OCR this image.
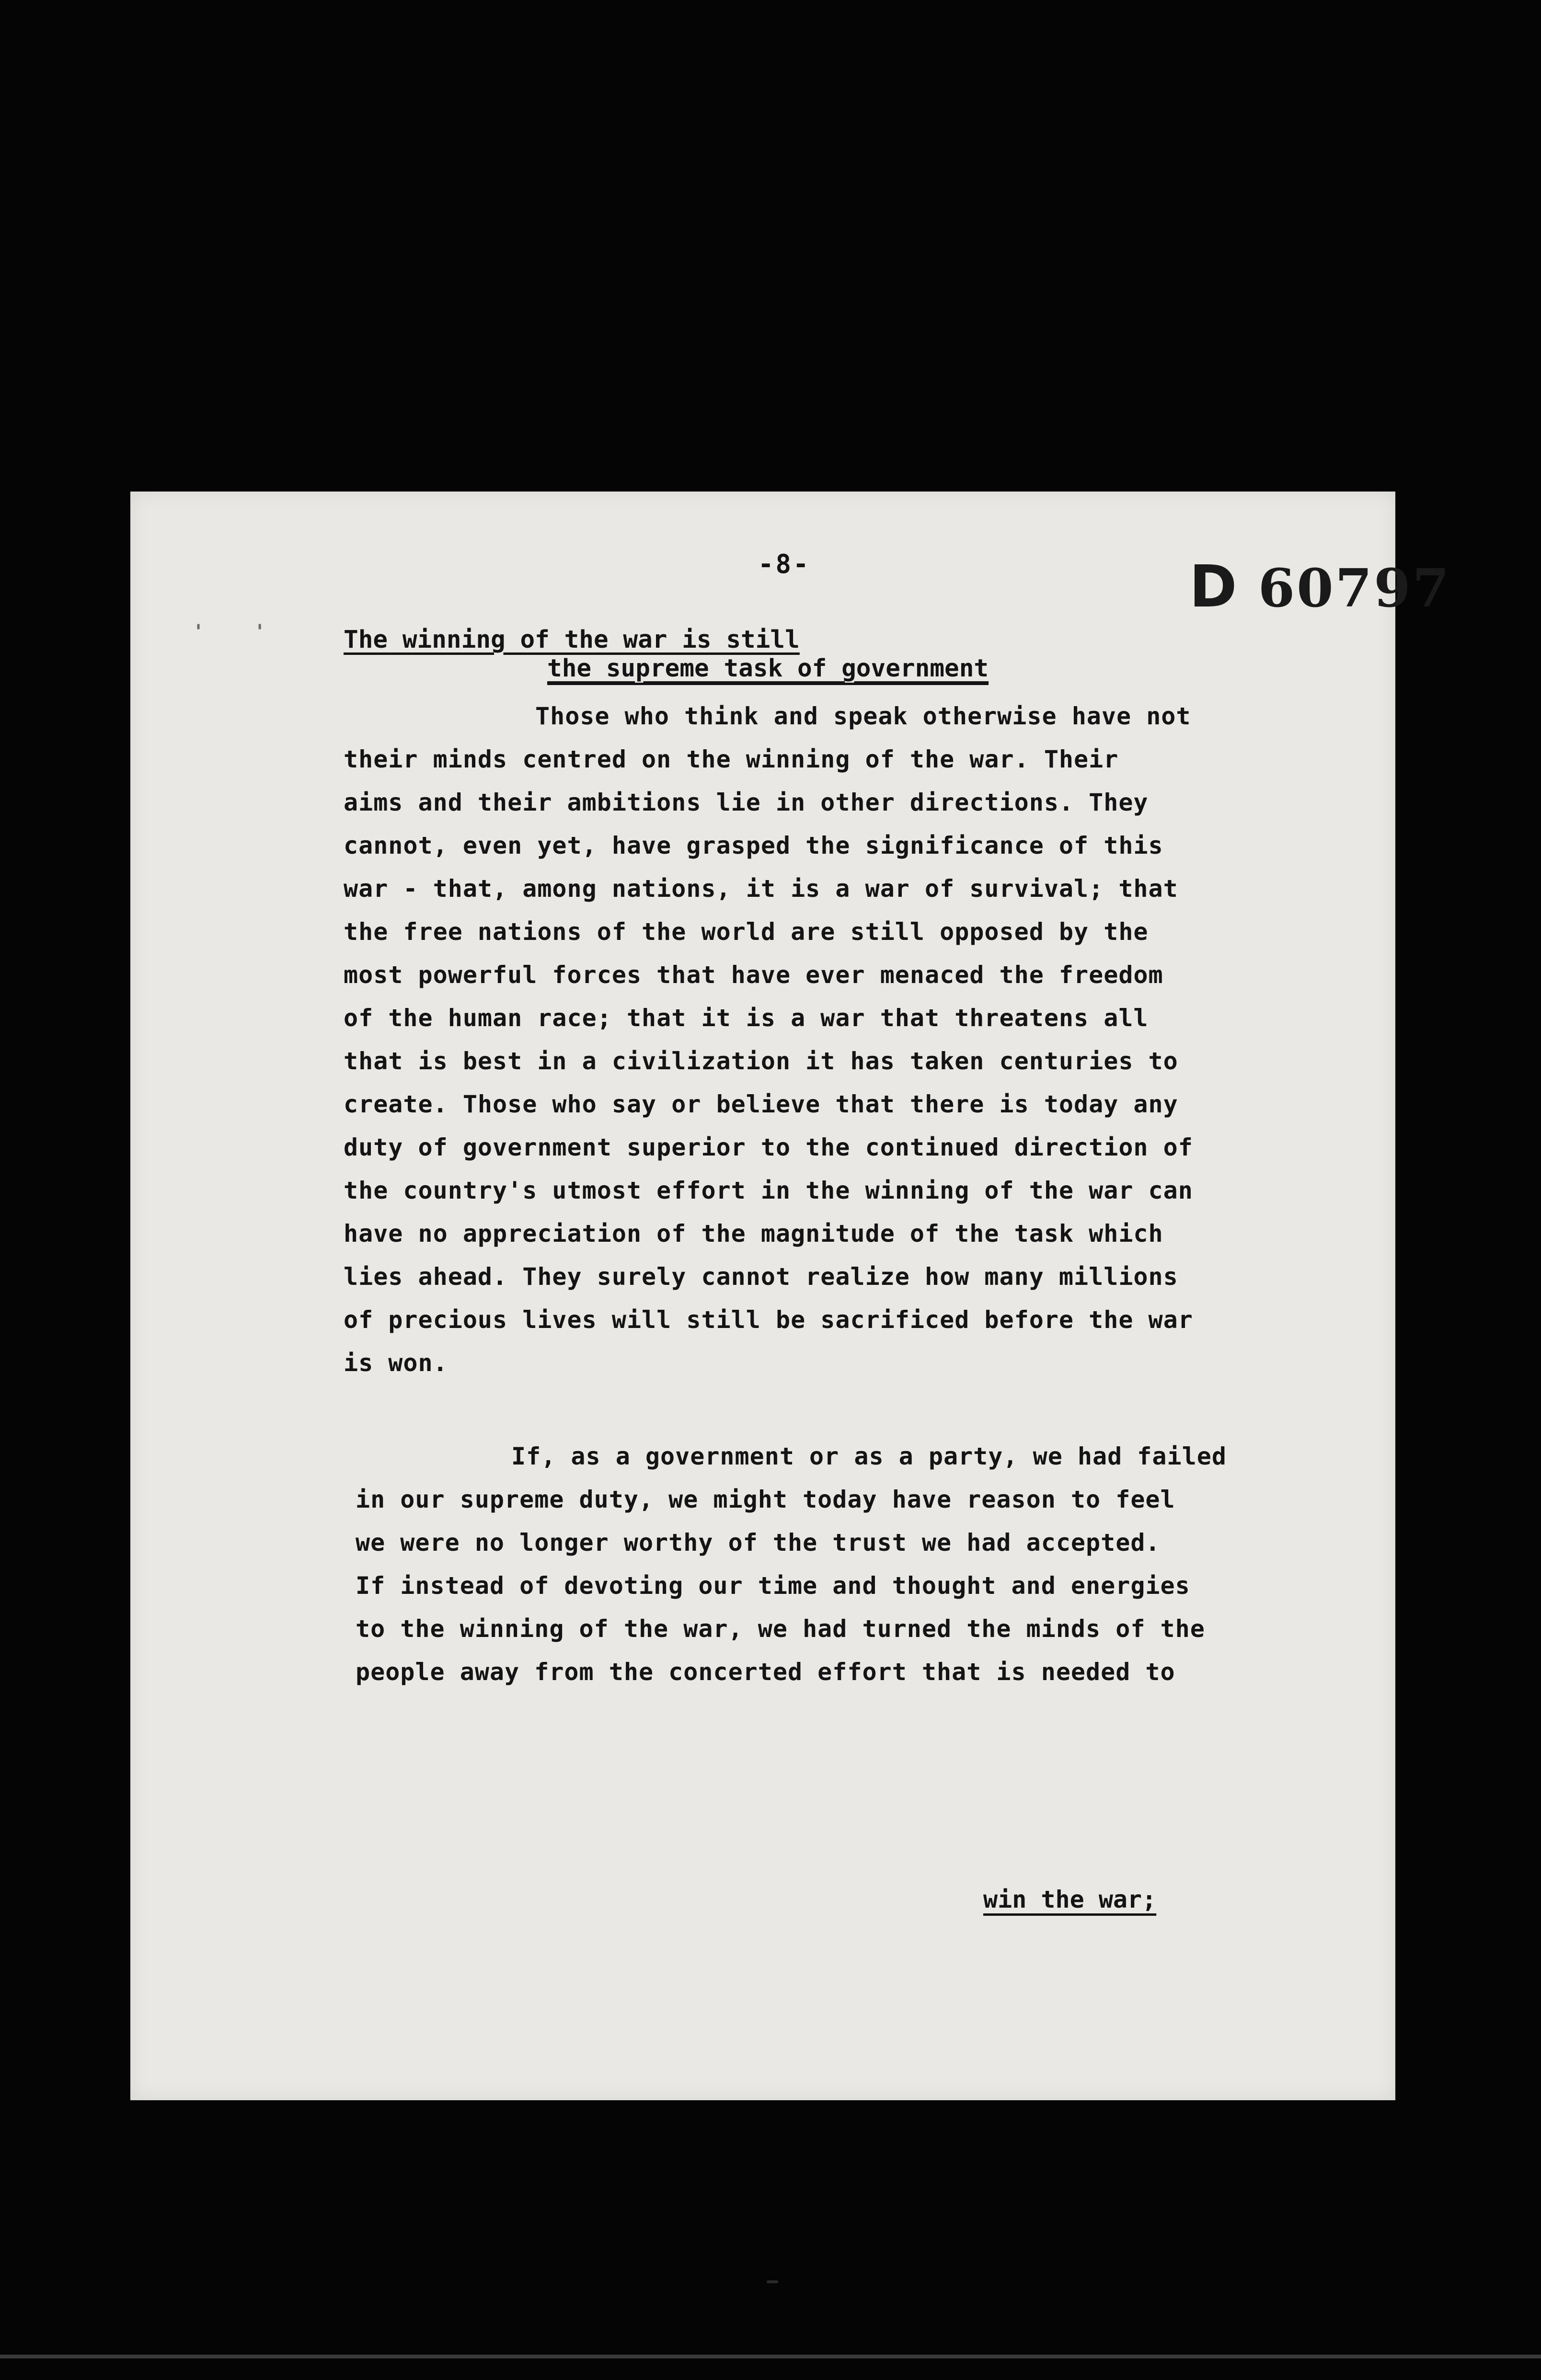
-8-	D 60797
' ' The winning of the war is still
the supreme task of government
Those who think and speak otherwise have not
their minds centred on the winning of the war. Their
aims and their ambitions lie in other directions. They
cannot, even yet, have grasped the significance of this
war - that, among nations, it is a war of survival; that
the free nations of the world are still opposed by the
most powerful forces that have ever menaced the freedom
of the human race; that it is a war that threatens all
that is best in a civilization it has taken centuries to
create. Those who say or believe that there is today any
duty of government superior to the continued direction of
the country's utmost effort in the winning of the war can
have no appreciation of the magnitude of the task which
lies ahead. They surely cannot realize how many millions
of precious lives will still be sacrificed before the war
is won.
If, as a government or as a party, we had failed
in our supreme duty, we might today have reason to feel
we were no longer worthy of the trust we had accepted.
If instead of devoting our time and thought and energies
to the winning of the war, we had turned the minds of the
people away from the concerted effort that is needed to
win the war;
